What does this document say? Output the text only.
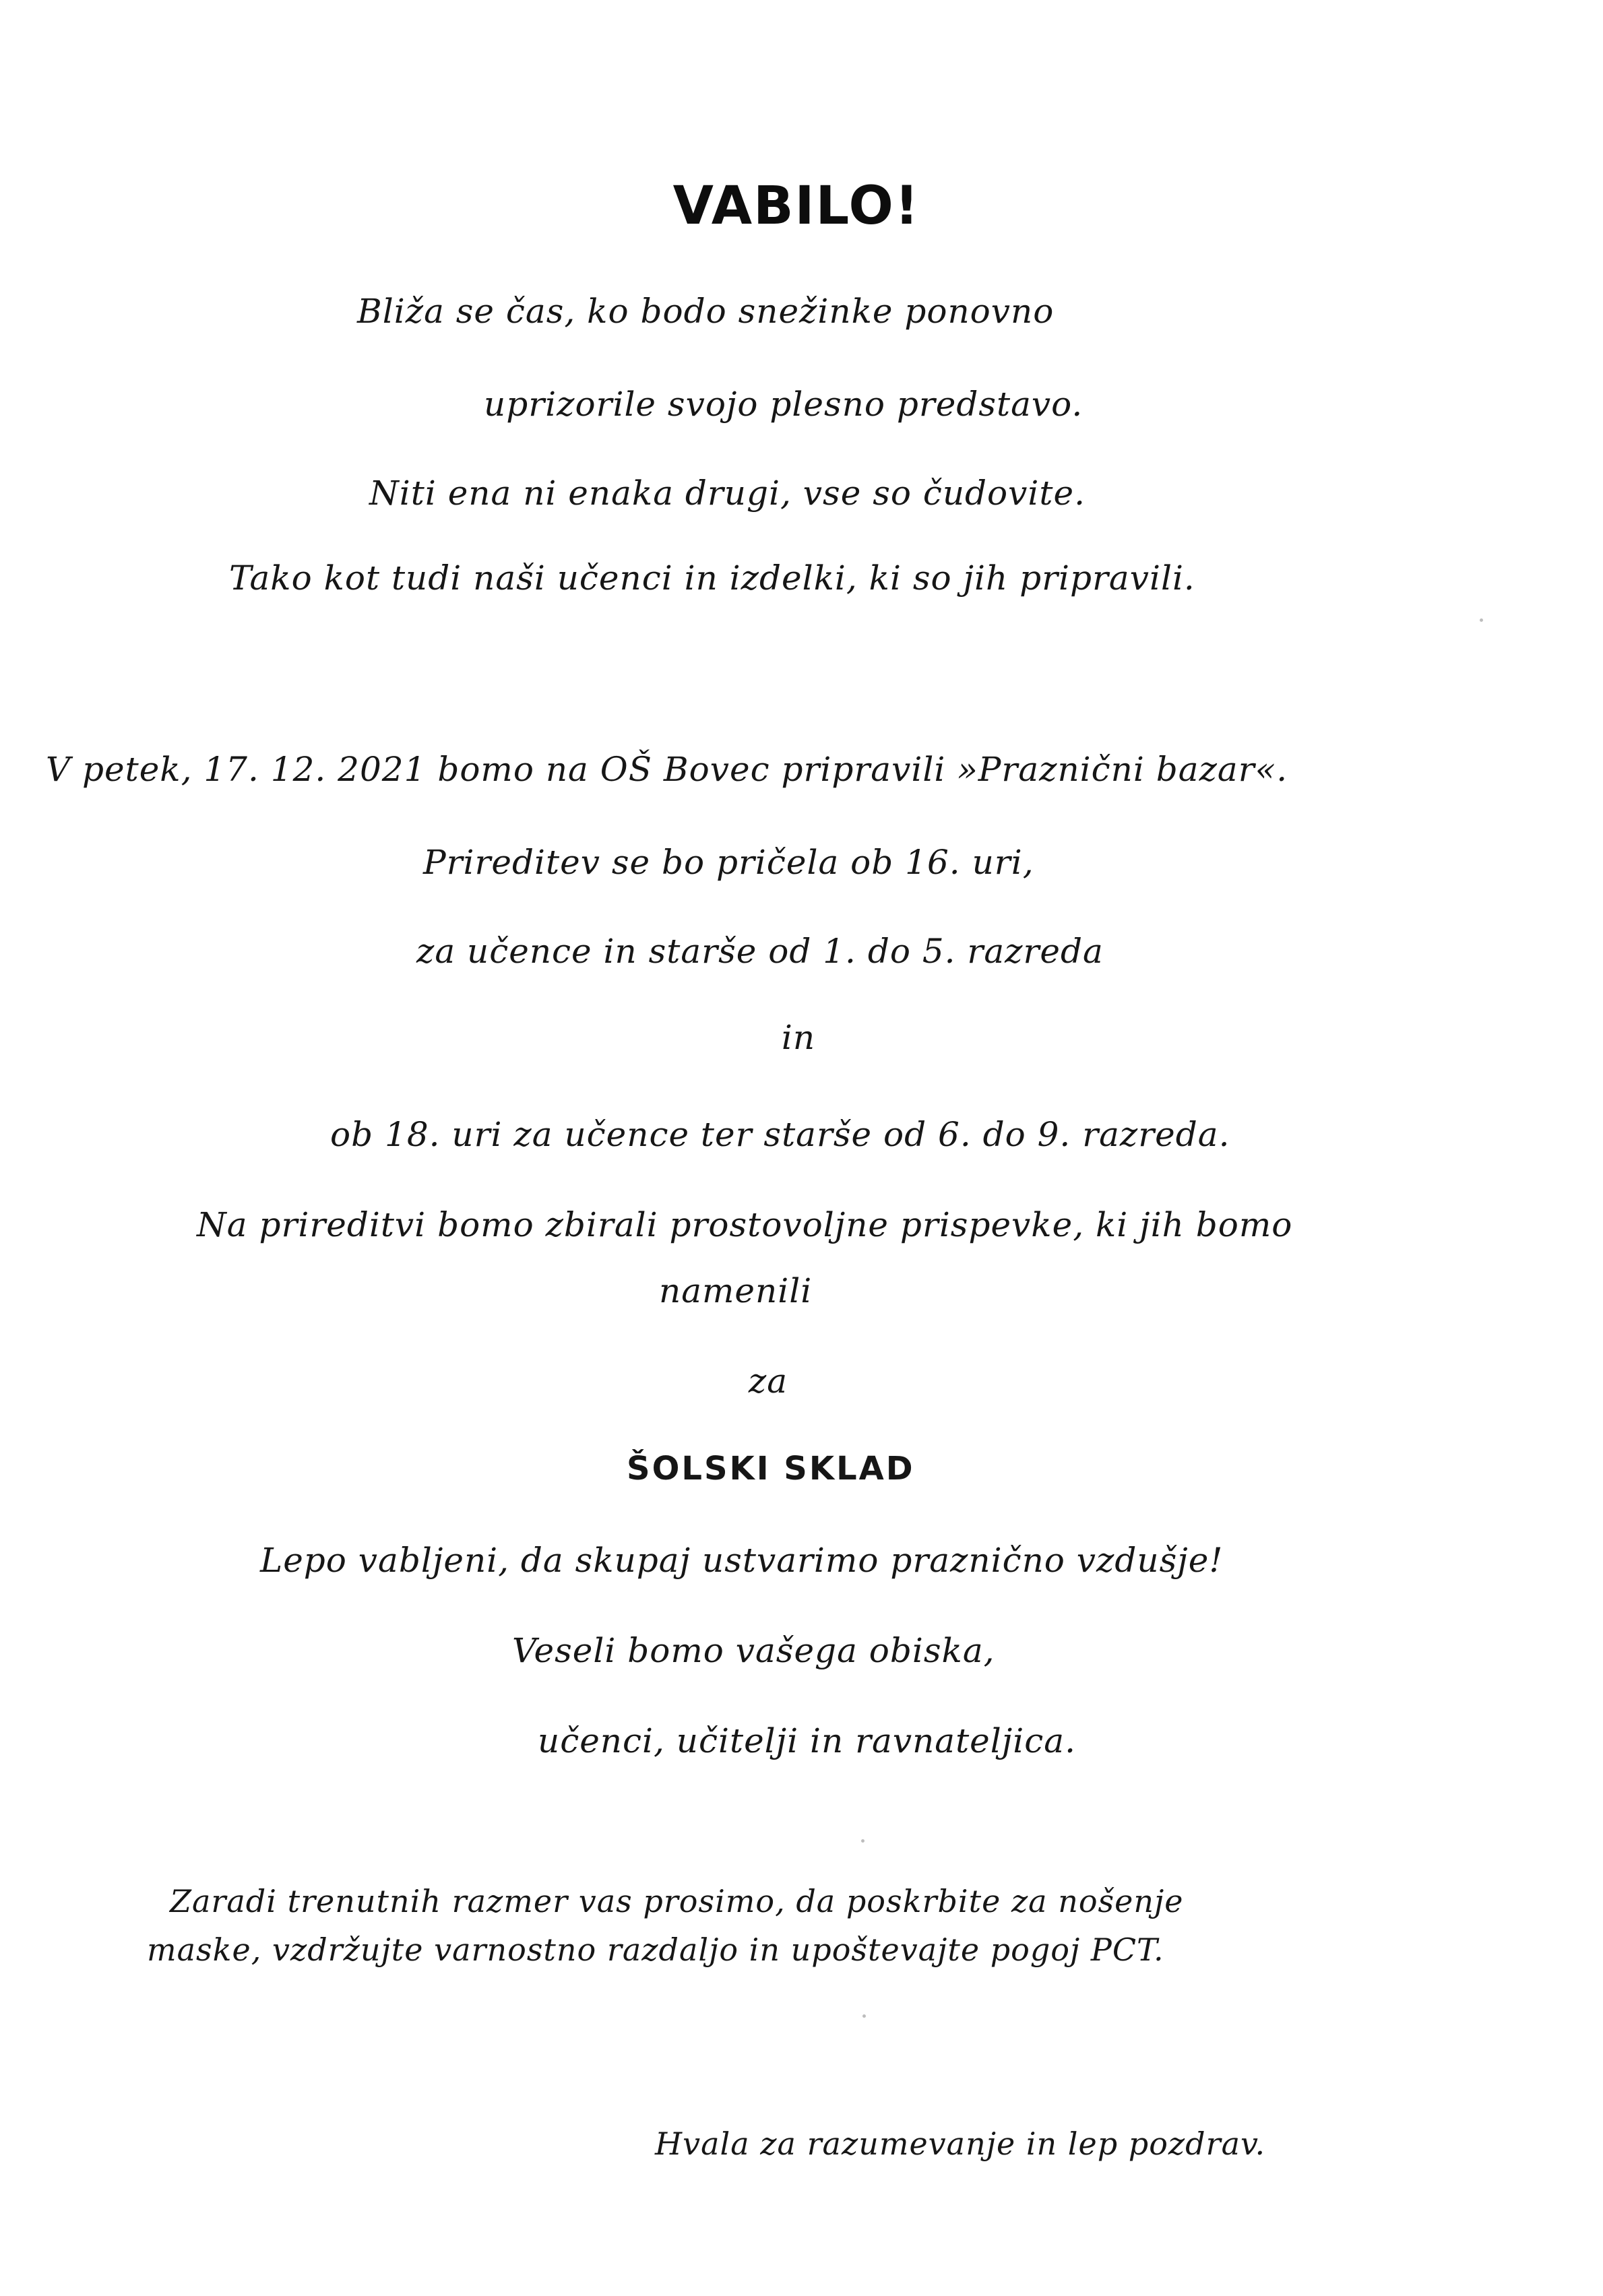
VABILO!
Bliža se čas, ko bodo snežinke ponovno
uprizorile svojo plesno predstavo.
Niti ena ni enaka drugi, vse so čudovite.
Tako kot tudi naši učenci in izdelki, ki so jih pripravili.
V petek, 17. 12. 2021 bomo na OŠ Bovec pripravili »Praznični bazar«.
Prireditev se bo pričela ob 16. uri,
za učence in starše od 1. do 5. razreda
in
ob 18. uri za učence ter starše od 6. do 9. razreda.
Na prireditvi bomo zbirali prostovoljne prispevke, ki jih bomo
namenili
za
ŠOLSKI SKLAD
Lepo vabljeni, da skupaj ustvarimo praznično vzdušje!
Veseli bomo vašega obiska,
učenci, učitelji in ravnateljica.
Zaradi trenutnih razmer vas prosimo, da poskrbite za nošenje
maske, vzdržujte varnostno razdaljo in upoštevajte pogoj PCT.
Hvala za razumevanje in lep pozdrav.
